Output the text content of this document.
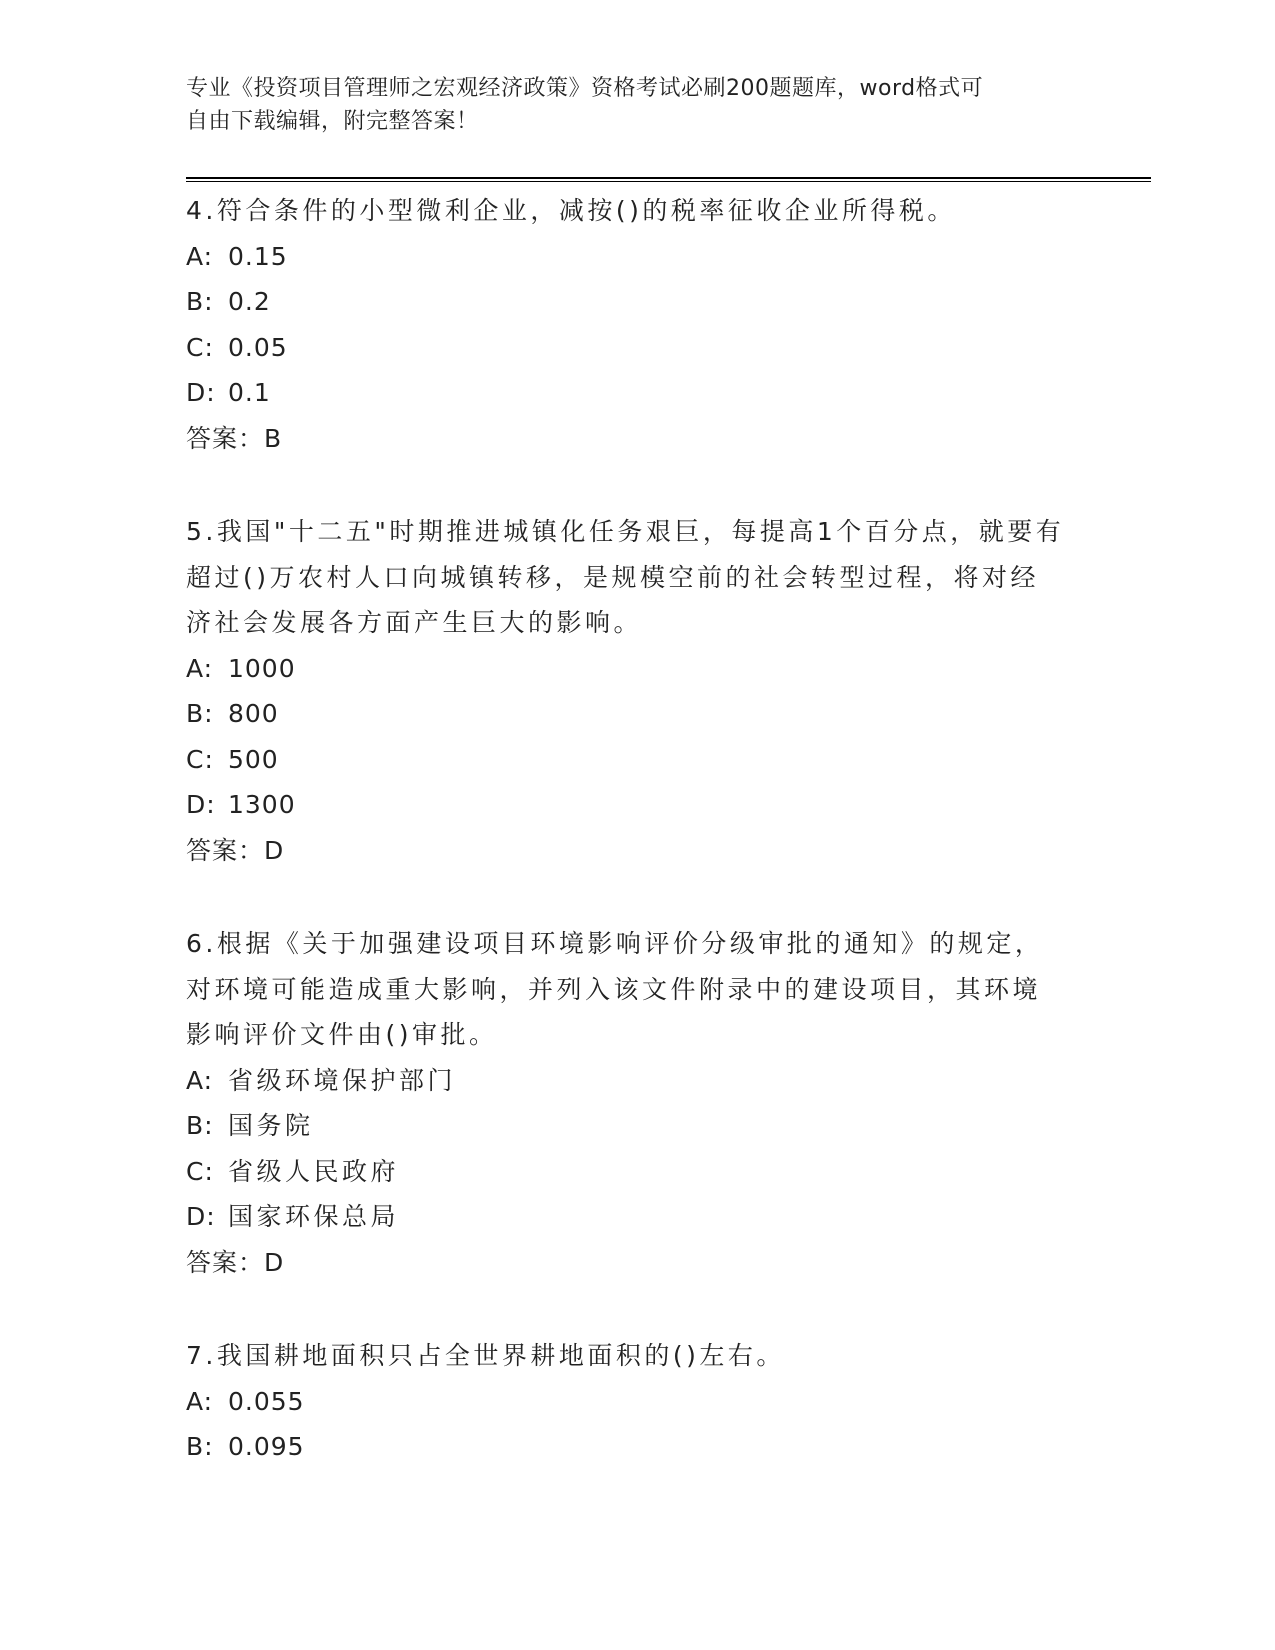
专业《投资项目管理师之宏观经济政策》资格考试必刷200题题库，word格式可
自由下载编辑，附完整答案！

4.符合条件的小型微利企业，减按()的税率征收企业所得税。

A: 0.15

B: 0.2

C: 0.05

D: 0.1

答案：B

5.我国"十二五"时期推进城镇化任务艰巨，每提高1个百分点，就要有超过()万农村人口向城镇转移，是规模空前的社会转型过程，将对经济社会发展各方面产生巨大的影响。

A: 1000

B: 800

C: 500

D: 1300

答案：D

6.根据《关于加强建设项目环境影响评价分级审批的通知》的规定，对环境可能造成重大影响，并列入该文件附录中的建设项目，其环境影响评价文件由()审批。

A: 省级环境保护部门

B: 国务院

C: 省级人民政府

D: 国家环保总局

答案：D

7.我国耕地面积只占全世界耕地面积的()左右。

A: 0.055

B: 0.095
